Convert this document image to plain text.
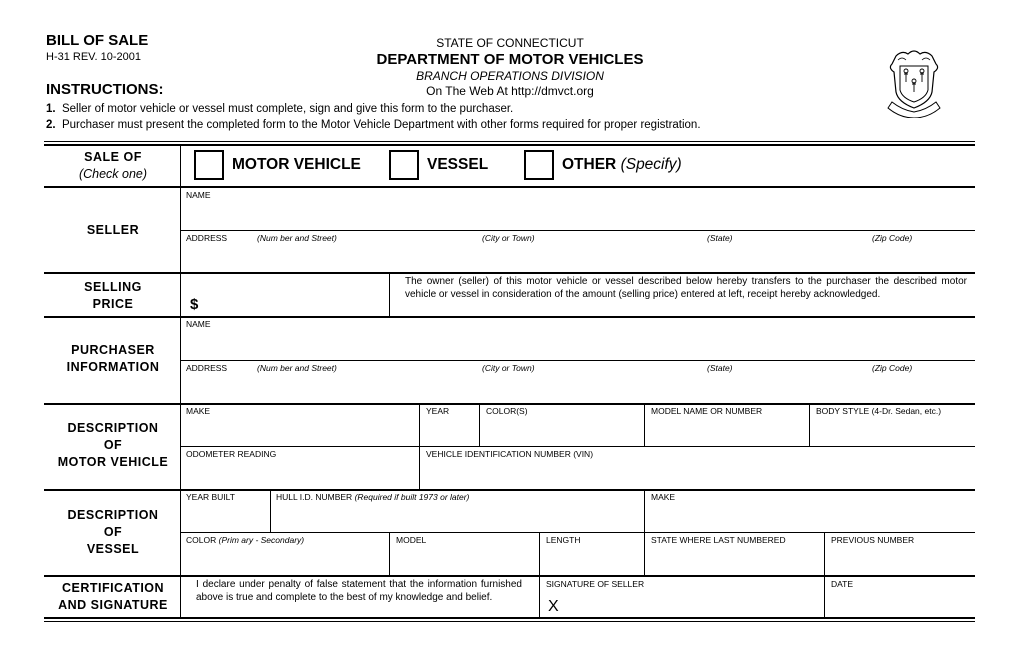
BILL OF SALE
H-31 REV. 10-2001
STATE OF CONNECTICUT
DEPARTMENT OF MOTOR VEHICLES
BRANCH OPERATIONS DIVISION
On The Web At http://dmvct.org
INSTRUCTIONS:
1. Seller of motor vehicle or vessel must complete, sign and give this form to the purchaser.
2. Purchaser must present the completed form to the Motor Vehicle Department with other forms required for proper registration.
SALE OF
(Check one)
MOTOR VEHICLE	VESSEL	OTHER (Specify)
SELLER
NAME
ADDRESS	(Num ber and Street)	(City or Town)	(State)	(Zip Code)
SELLING
PRICE	$
The owner (seller) of this motor vehicle or vessel described below hereby transfers to the purchaser the described motor vehicle or vessel in consideration of the amount (selling price) entered at left, receipt hereby acknowledged.
PURCHASER
INFORMATION
NAME
ADDRESS	(Num ber and Street)	(City or Town)	(State)	(Zip Code)
DESCRIPTION
OF
MOTOR VEHICLE
MAKE	YEAR	COLOR(S)	MODEL NAME OR NUMBER	BODY STYLE (4-Dr. Sedan, etc.)
ODOMETER READING	VEHICLE IDENTIFICATION NUMBER (VIN)
DESCRIPTION
OF
VESSEL
YEAR BUILT	HULL I.D. NUMBER (Required if built 1973 or later)	MAKE
COLOR (Prim ary - Secondary)	MODEL	LENGTH	STATE WHERE LAST NUMBERED	PREVIOUS NUMBER
CERTIFICATION
AND SIGNATURE
I declare under penalty of false statement that the information furnished above is true and complete to the best of my knowledge and belief.
SIGNATURE OF SELLER
X
DATE
